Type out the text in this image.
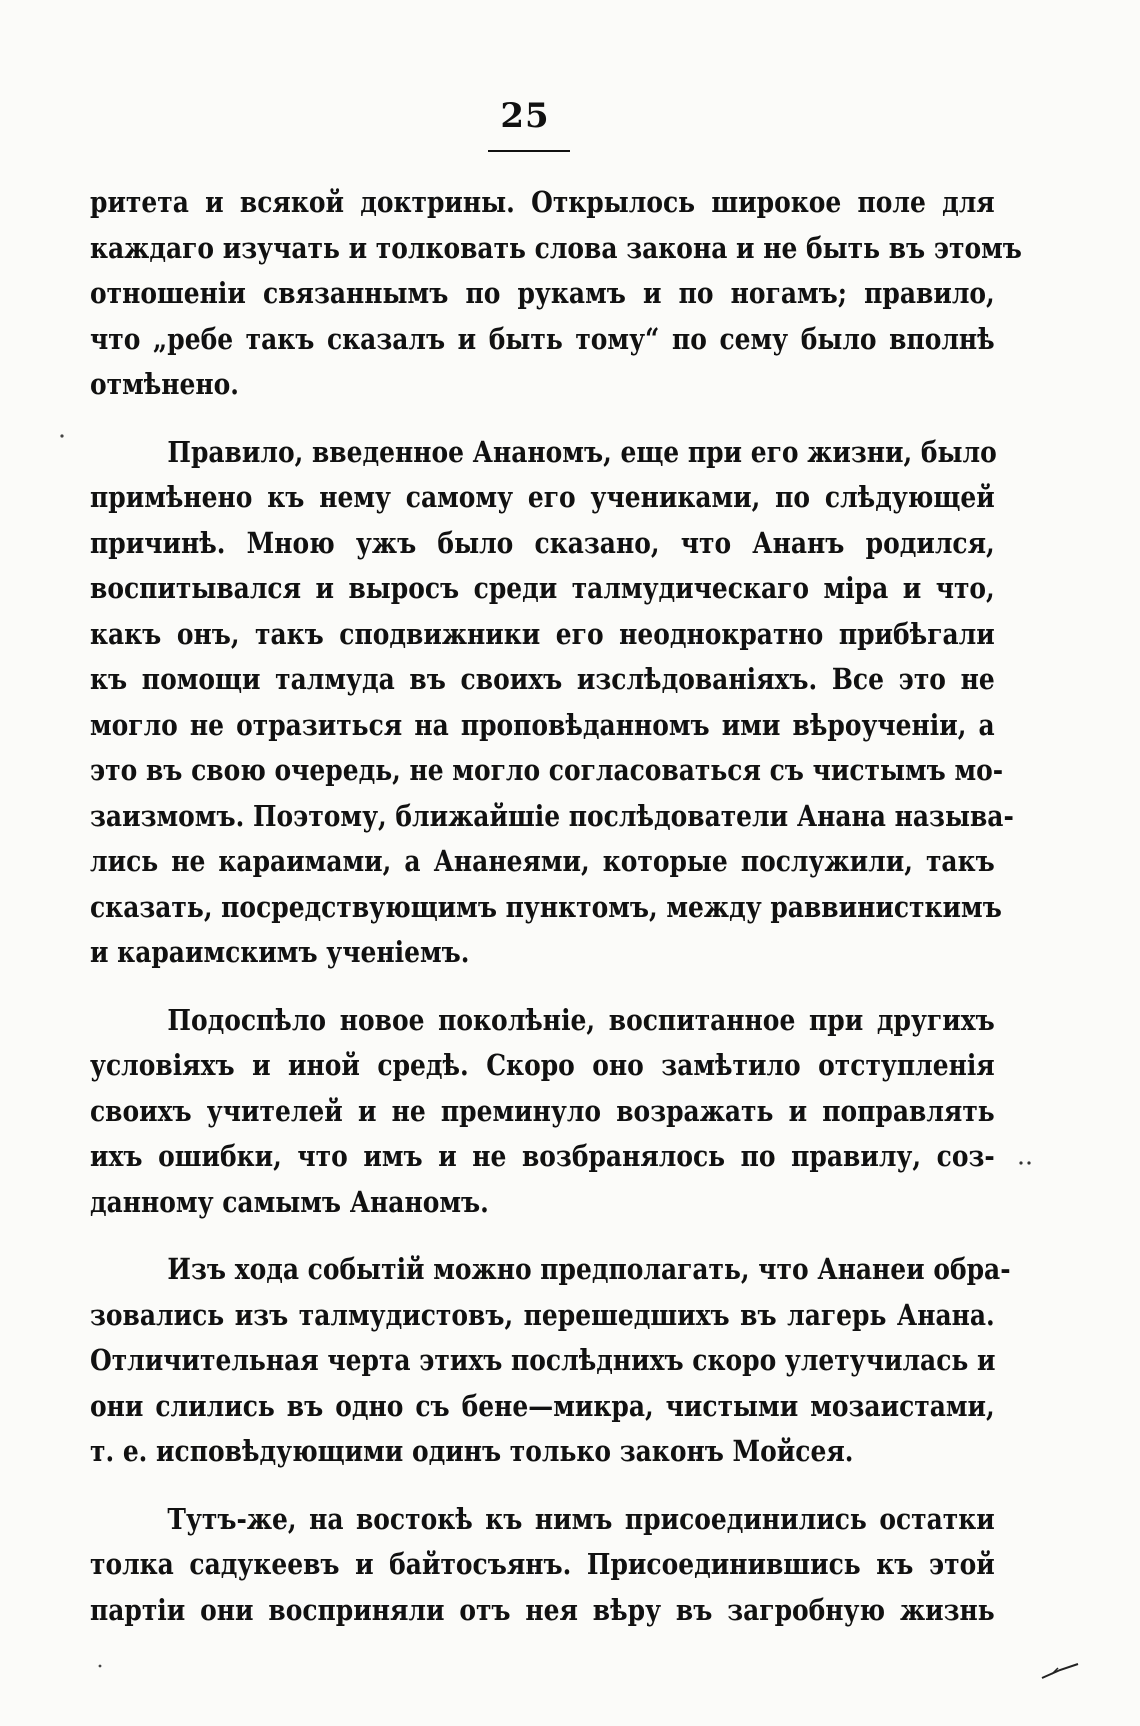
25
ритета и всякой доктрины. Открылось широкое поле для
каждаго изучать и толковать слова закона и не быть въ этомъ
отношенiи связаннымъ по рукамъ и по ногамъ; правило,
что „ребе такъ сказалъ и быть тому“ по сему было вполнѣ
отмѣнено.
Правило, введенное Ананомъ, еще при его жизни, было
примѣнено къ нему самому его учениками, по слѣдующей
причинѣ. Мною ужъ было сказано, что Ананъ родился,
воспитывался и выросъ среди талмудическаго мiра и что,
какъ онъ, такъ сподвижники его неоднократно прибѣгали
къ помощи талмуда въ своихъ изслѣдованiяхъ. Все это не
могло не отразиться на проповѣданномъ ими вѣроученiи, а
это въ свою очередь, не могло согласоваться съ чистымъ мо-
заизмомъ. Поэтому, ближайшiе послѣдователи Анана называ-
лись не караимами, а Ананеями, которые послужили, такъ
сказать, посредствующимъ пунктомъ, между раввинисткимъ
и караимскимъ ученiемъ.
Подоспѣло новое поколѣнiе, воспитанное при другихъ
условiяхъ и иной средѣ. Скоро оно замѣтило отступленiя
своихъ учителей и не преминуло возражать и поправлять
ихъ ошибки, что имъ и не возбранялось по правилу, соз-
данному самымъ Ананомъ.
Изъ хода событiй можно предполагать, что Ананеи обра-
зовались изъ талмудистовъ, перешедшихъ въ лагерь Анана.
Отличительная черта этихъ послѣднихъ скоро улетучилась и
они слились въ одно съ бене—микра, чистыми мозаистами,
т. е. исповѣдующими одинъ только законъ Мойсея.
Тутъ-же, на востокѣ къ нимъ присоединились остатки
толка садукеевъ и байтосъянъ. Присоединившись къ этой
партiи они восприняли отъ нея вѣру въ загробную жизнь
